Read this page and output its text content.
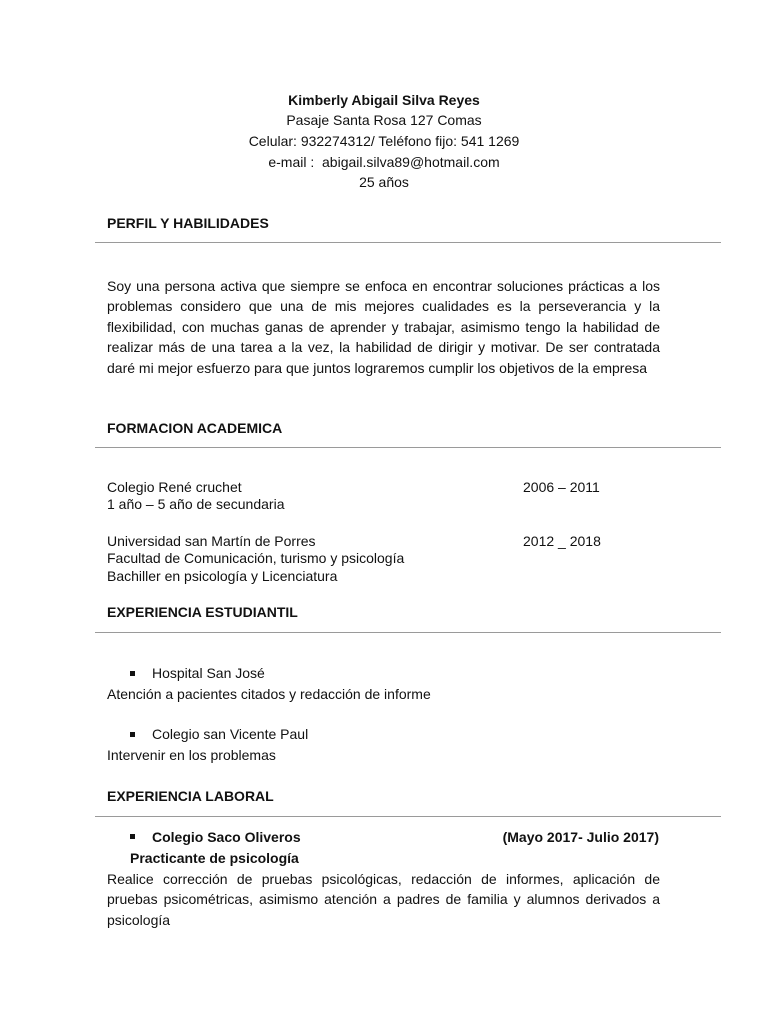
Kimberly Abigail Silva Reyes
Pasaje Santa Rosa 127 Comas
Celular: 932274312/ Teléfono fijo: 541 1269
e-mail :  abigail.silva89@hotmail.com
25 años
PERFIL Y HABILIDADES
Soy una persona activa que siempre se enfoca en encontrar soluciones prácticas a los problemas considero que una de mis mejores cualidades es la perseverancia y la flexibilidad, con muchas ganas de aprender y trabajar, asimismo tengo la habilidad de realizar más de una tarea a la vez, la habilidad de dirigir y motivar. De ser contratada daré mi mejor esfuerzo para que juntos lograremos cumplir los objetivos de la empresa
FORMACION ACADEMICA
Colegio René cruchet	2006 – 2011
1 año – 5 año de secundaria
Universidad san Martín de Porres	2012 _ 2018
Facultad de Comunicación, turismo y psicología
Bachiller en psicología y Licenciatura
EXPERIENCIA ESTUDIANTIL
Hospital San José
Atención a pacientes citados y redacción de informe
Colegio san Vicente Paul
Intervenir en los problemas
EXPERIENCIA LABORAL
Colegio Saco Oliveros	(Mayo 2017- Julio 2017)
Practicante de psicología
Realice corrección de pruebas psicológicas, redacción de informes, aplicación de pruebas psicométricas, asimismo atención a padres de familia y alumnos derivados a psicología
